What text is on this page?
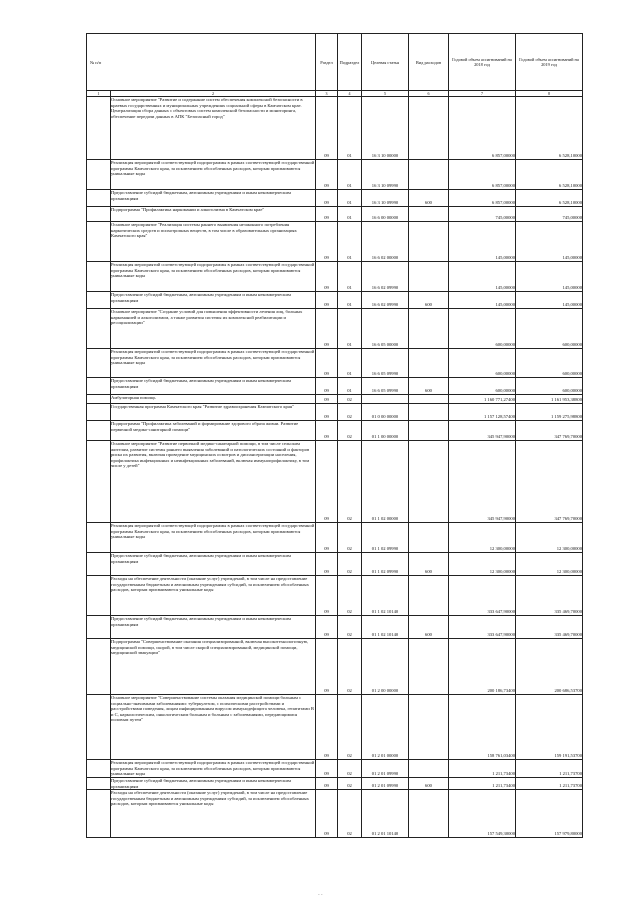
№ п/п		Раздел	Подраздел	Целевая статья	Вид расходов	Годовой объем ассигнований на 2018 год	Годовой объем ассигнований на 2019 год
1	2	3	4	5	6	7	8
	Основное мероприятие "Развитие и содержание систем обеспечения комплексной безопасности в краевых государственных и муниципальных учреждениях социальной сферы в Камчатском крае. Централизация сбора данных с объектовых систем комплексной безопасности и мониторинга, обеспечение передачи данных в АПК "Безопасный город"	09	01	16 3 10 00000		6 857,00000	6 528,10000
	Реализация мероприятий соответствующей подпрограммы в рамках соответствующей государственной программы Камчатского края, за исключением обособленных расходов, которым присваиваются уникальные коды	09	01	16 3 10 09990		6 857,00000	6 528,10000
	Предоставление субсидий бюджетным, автономным учреждениям и иным некоммерческим организациям	09	01	16 3 10 09990	600	6 857,00000	6 528,10000
	Подпрограмма "Профилактика наркомании и алкоголизма в Камчатском крае"	09	01	16 6 00 00000		745,00000	745,00000
	Основное мероприятие "Реализация системы раннего выявления незаконного потребления наркотических средств и психотропных веществ, в том числе в образовательных организациях Камчатского края"	09	01	16 6 02 00000		145,00000	145,00000
	Реализация мероприятий соответствующей подпрограммы в рамках соответствующей государственной программы Камчатского края, за исключением обособленных расходов, которым присваиваются уникальные коды	09	01	16 6 02 09990		145,00000	145,00000
	Предоставление субсидий бюджетным, автономным учреждениям и иным некоммерческим организациям	09	01	16 6 02 09990	600	145,00000	145,00000
	Основное мероприятие "Создание условий для повышения эффективности лечения лиц, больных наркоманией и алкоголизмом, а также развития системы их комплексной реабилитации и ресоциализации"	09	01	16 6 05 00000		600,00000	600,00000
	Реализация мероприятий соответствующей подпрограммы в рамках соответствующей государственной программы Камчатского края, за исключением обособленных расходов, которым присваиваются уникальные коды	09	01	16 6 05 09990		600,00000	600,00000
	Предоставление субсидий бюджетным, автономным учреждениям и иным некоммерческим организациям	09	01	16 6 05 09990	600	600,00000	600,00000
	Амбулаторная помощь	09	02			1 160 771,27400	1 161 953,38800
	Государственная программа Камчатского края "Развитие здравоохранения Камчатского края"	09	02	01 0 00 00000		1 157 128,57400	1 159 275,98800
	Подпрограмма "Профилактика заболеваний и формирование здорового образа жизни. Развитие первичной медико-санитарной помощи"	09	02	01 1 00 00000		345 947,90000	347 769,70000
	Основное мероприятие "Развитие первичной медико-санитарной помощи, в том числе сельским жителям, развитие системы раннего выявления заболеваний и патологических состояний и факторов риска их развития, включая проведение медицинских осмотров и диспансеризации населения, профилактика инфекционных и неинфекционных заболеваний, включая иммунопрофилактику, в том числе у детей"	09	02	01 1 02 00000		345 947,90000	347 769,70000
	Реализация мероприятий соответствующей подпрограммы в рамках соответствующей государственной программы Камчатского края, за исключением обособленных расходов, которым присваиваются уникальные коды	09	02	01 1 02 09990		12 300,00000	12 300,00000
	Предоставление субсидий бюджетным, автономным учреждениям и иным некоммерческим организациям	09	02	01 1 02 09990	600	12 300,00000	12 300,00000
	Расходы на обеспечение деятельности (оказание услуг) учреждений, в том числе на предоставление государственным бюджетным и автономным учреждениям субсидий, за исключением обособленных расходов, которым присваиваются уникальные коды	09	02	01 1 02 10140		333 647,90000	335 469,70000
	Предоставление субсидий бюджетным, автономным учреждениям и иным некоммерческим организациям	09	02	01 1 02 10140	600	333 647,90000	335 469,70000
	Подпрограмма "Совершенствование оказания специализированной, включая высокотехнологичную, медицинской помощи, скорой, в том числе скорой специализированной, медицинской помощи, медицинской эвакуации"	09	02	01 2 00 00000		200 186,73400	200 686,53700
	Основное мероприятие "Совершенствование системы оказания медицинской помощи больным с социально-значимыми заболеваниями: туберкулезом, с психическими расстройствами и расстройствами поведения, лицам инфицированным вирусом иммунодефицита человека, гепатитами В и С, наркологическим, онкологическим больным и больным с заболеваниями, передающимися половым путем"	09	02	01 2 01 00000		158 761,03400	159 191,53700
	Реализация мероприятий соответствующей подпрограммы в рамках соответствующей государственной программы Камчатского края, за исключением обособленных расходов, которым присваиваются уникальные коды	09	02	01 2 01 09990		1 211,73400	1 211,73700
	Предоставление субсидий бюджетным, автономным учреждениям и иным некоммерческим организациям	09	02	01 2 01 09990	600	1 211,73400	1 211,73700
	Расходы на обеспечение деятельности (оказание услуг) учреждений, в том числе на предоставление государственным бюджетным и автономным учреждениям субсидий, за исключением обособленных расходов, которым присваиваются уникальные коды	09	02	01 2 01 10140		157 549,30000	157 979,80000
- -
